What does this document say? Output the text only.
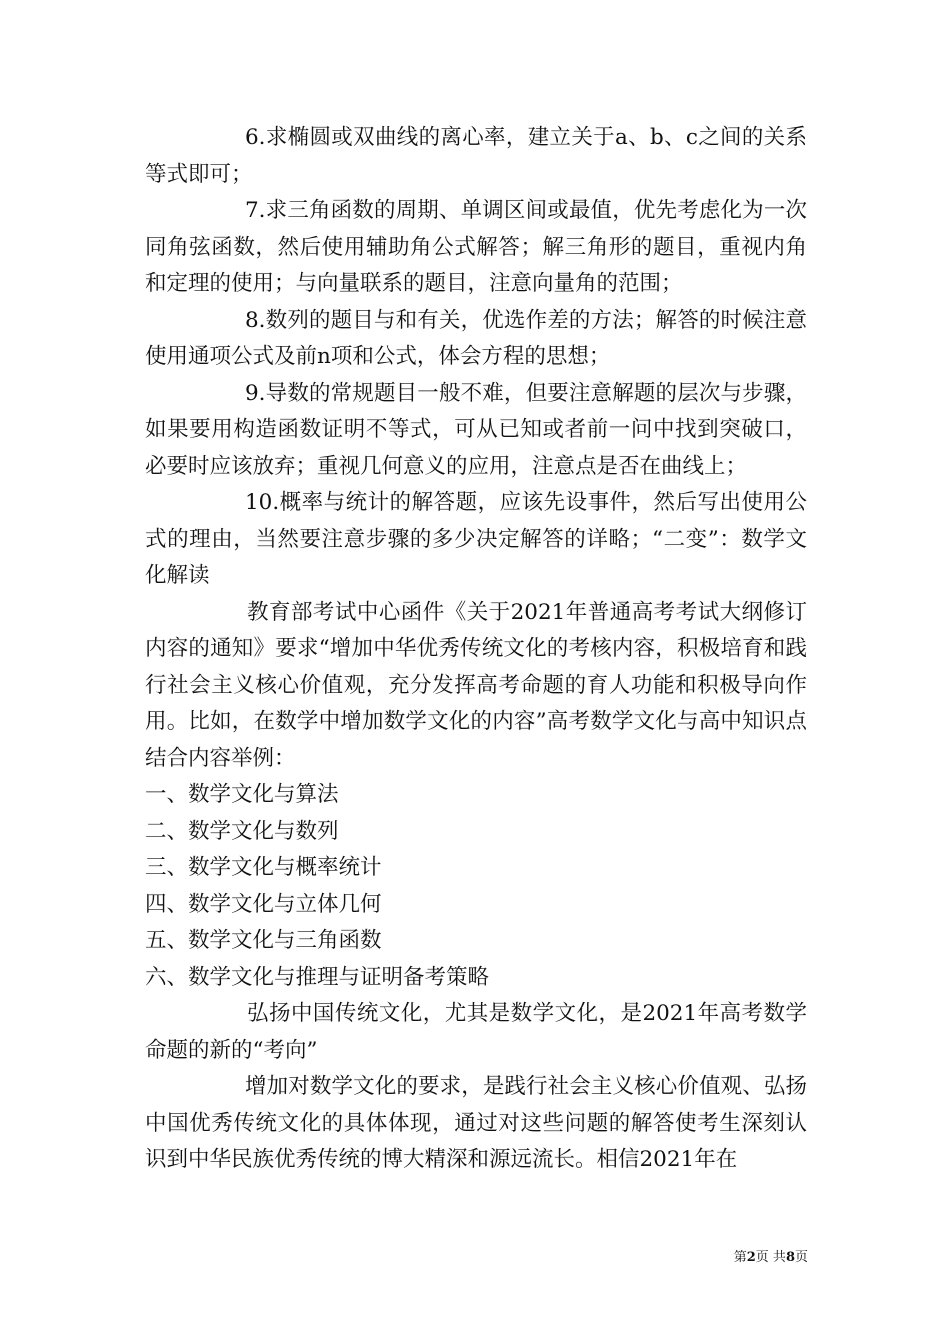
6.求椭圆或双曲线的离心率，建立关于a、b、c之间的关系等式即可；

7.求三角函数的周期、单调区间或最值，优先考虑化为一次同角弦函数，然后使用辅助角公式解答；解三角形的题目，重视内角和定理的使用；与向量联系的题目，注意向量角的范围；

8.数列的题目与和有关，优选作差的方法；解答的时候注意使用通项公式及前n项和公式，体会方程的思想；

9.导数的常规题目一般不难，但要注意解题的层次与步骤，如果要用构造函数证明不等式，可从已知或者前一问中找到突破口，必要时应该放弃；重视几何意义的应用，注意点是否在曲线上；

10.概率与统计的解答题，应该先设事件，然后写出使用公式的理由，当然要注意步骤的多少决定解答的详略；“二变”：数学文化解读

教育部考试中心函件《关于2021年普通高考考试大纲修订内容的通知》要求“增加中华优秀传统文化的考核内容，积极培育和践行社会主义核心价值观，充分发挥高考命题的育人功能和积极导向作用。比如，在数学中增加数学文化的内容”高考数学文化与高中知识点结合内容举例：

一、数学文化与算法

二、数学文化与数列

三、数学文化与概率统计

四、数学文化与立体几何

五、数学文化与三角函数

六、数学文化与推理与证明备考策略

弘扬中国传统文化，尤其是数学文化，是2021年高考数学命题的新的“考向”

增加对数学文化的要求，是践行社会主义核心价值观、弘扬中国优秀传统文化的具体体现，通过对这些问题的解答使考生深刻认识到中华民族优秀传统的博大精深和源远流长。相信2021年在

第2页 共8页
